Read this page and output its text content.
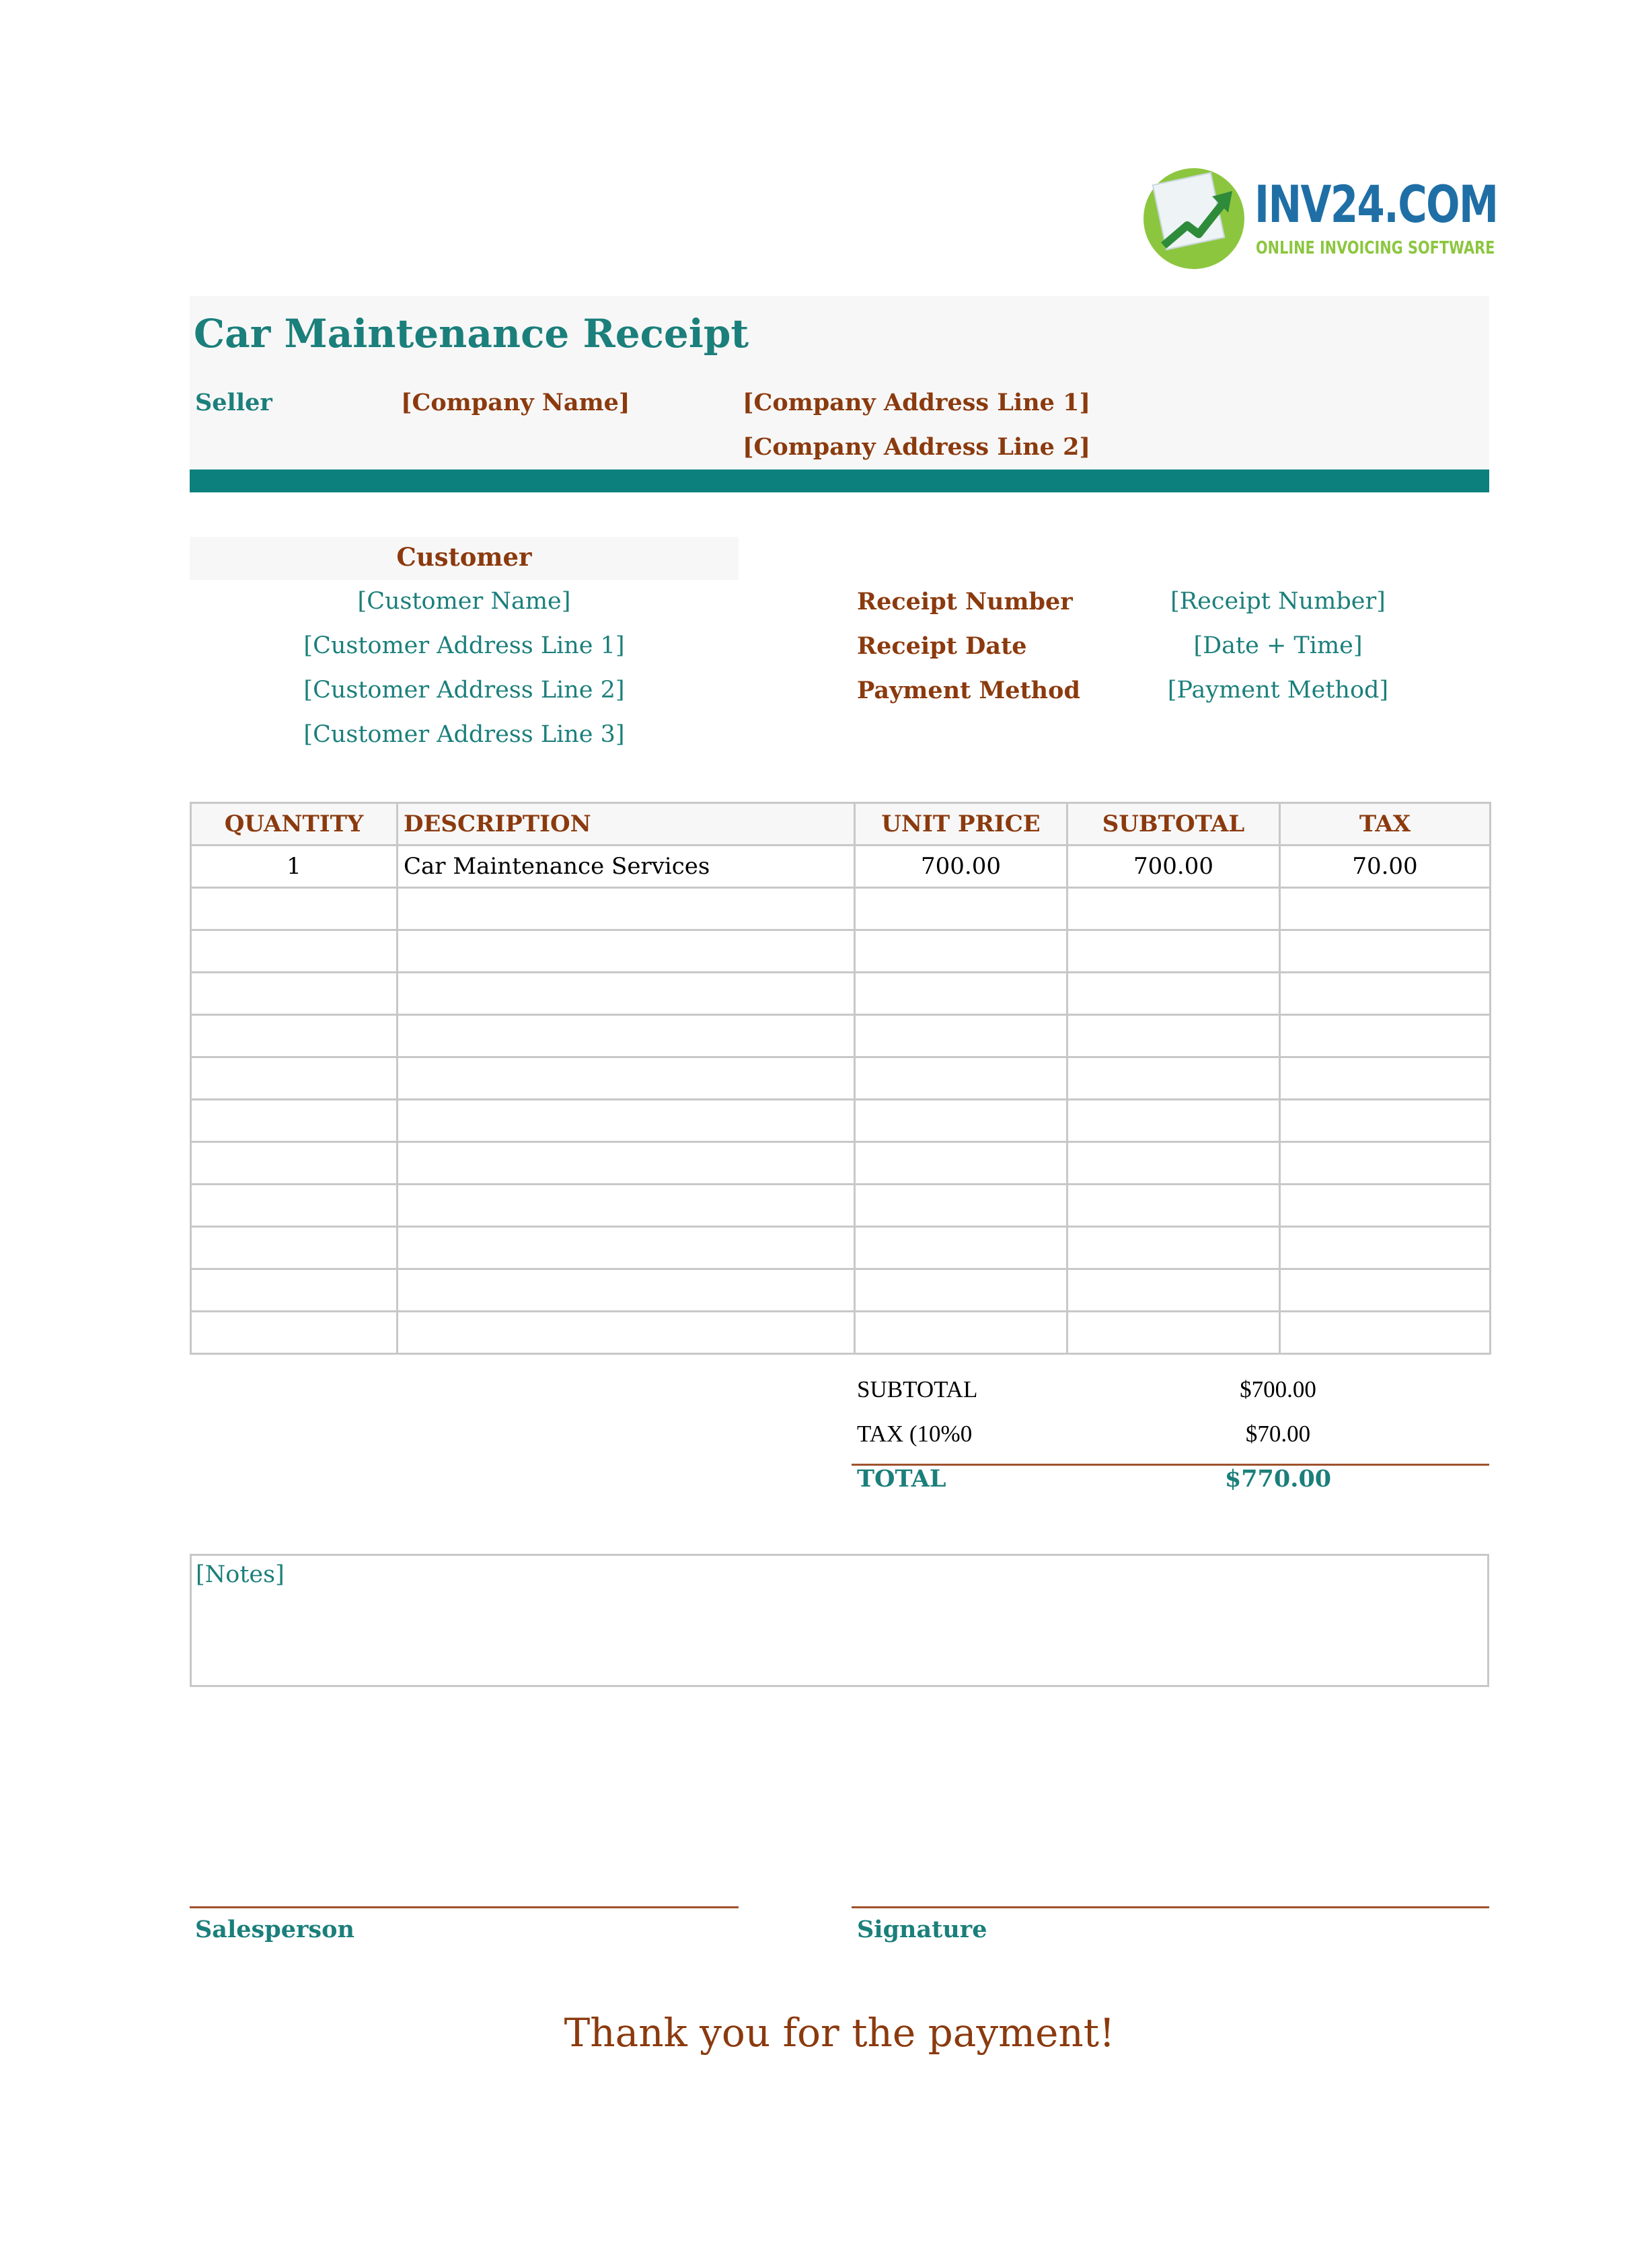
INV24.COM
ONLINE INVOICING SOFTWARE
Car Maintenance Receipt
Seller	[Company Name]	[Company Address Line 1]
[Company Address Line 2]
Customer
[Customer Name]
[Customer Address Line 1]
[Customer Address Line 2]
[Customer Address Line 3]
Receipt Number	[Receipt Number]
Receipt Date	[Date + Time]
Payment Method	[Payment Method]
QUANTITY	DESCRIPTION	UNIT PRICE	SUBTOTAL	TAX
1	Car Maintenance Services	700.00	700.00	70.00

SUBTOTAL	$700.00
TAX (10%0	$70.00
TOTAL	$770.00
[Notes]
Salesperson	Signature
Thank you for the payment!
